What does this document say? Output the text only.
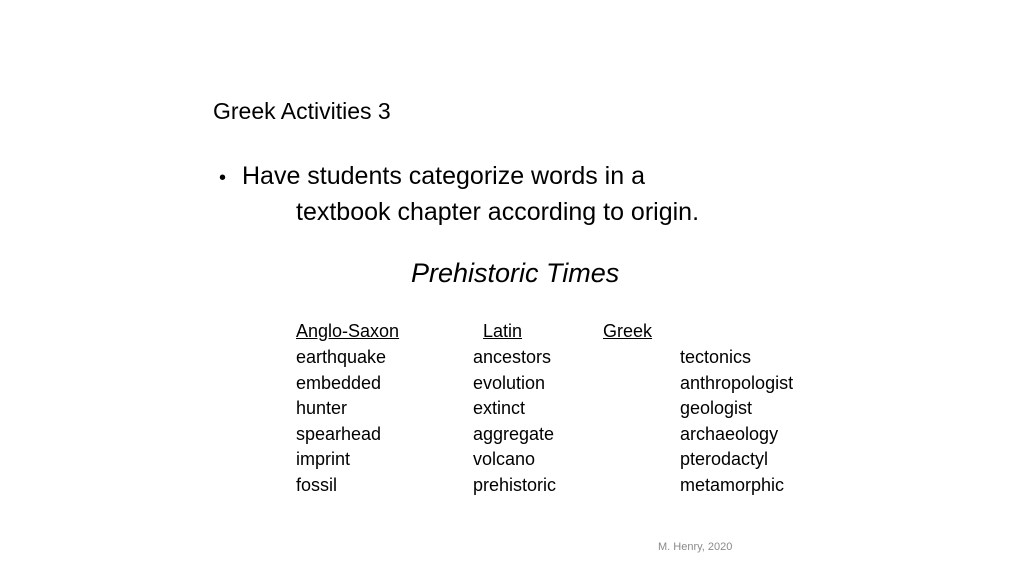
Greek Activities 3
• Have students categorize words in a
textbook chapter according to origin.
Prehistoric Times
Anglo-Saxon
earthquake
embedded
hunter
spearhead
imprint
fossil
Latin
ancestors
evolution
extinct
aggregate
volcano
prehistoric
Greek
tectonics
anthropologist
geologist
archaeology
pterodactyl
metamorphic
M. Henry, 2020
